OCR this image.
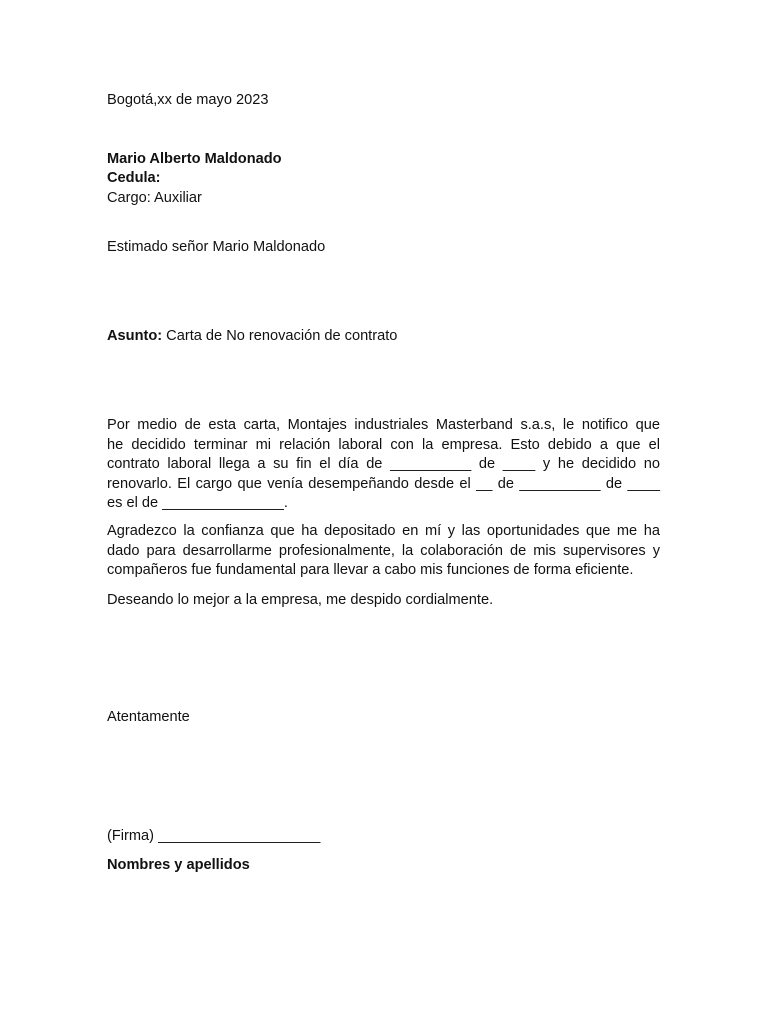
Bogotá,xx de mayo 2023
Mario Alberto Maldonado
Cedula:
Cargo: Auxiliar
Estimado señor Mario Maldonado
Asunto: Carta de No renovación de contrato
Por medio de esta carta, Montajes industriales Masterband s.a.s, le notifico que
he decidido terminar mi relación laboral con la empresa. Esto debido a que el
contrato laboral llega a su fin el día de __________ de ____ y he decidido no
renovarlo. El cargo que venía desempeñando desde el __ de __________ de ____
es el de _______________.
Agradezco la confianza que ha depositado en mí y las oportunidades que me ha
dado para desarrollarme profesionalmente, la colaboración de mis supervisores y
compañeros fue fundamental para llevar a cabo mis funciones de forma eficiente.
Deseando lo mejor a la empresa, me despido cordialmente.
Atentamente
(Firma) ____________________
Nombres y apellidos
